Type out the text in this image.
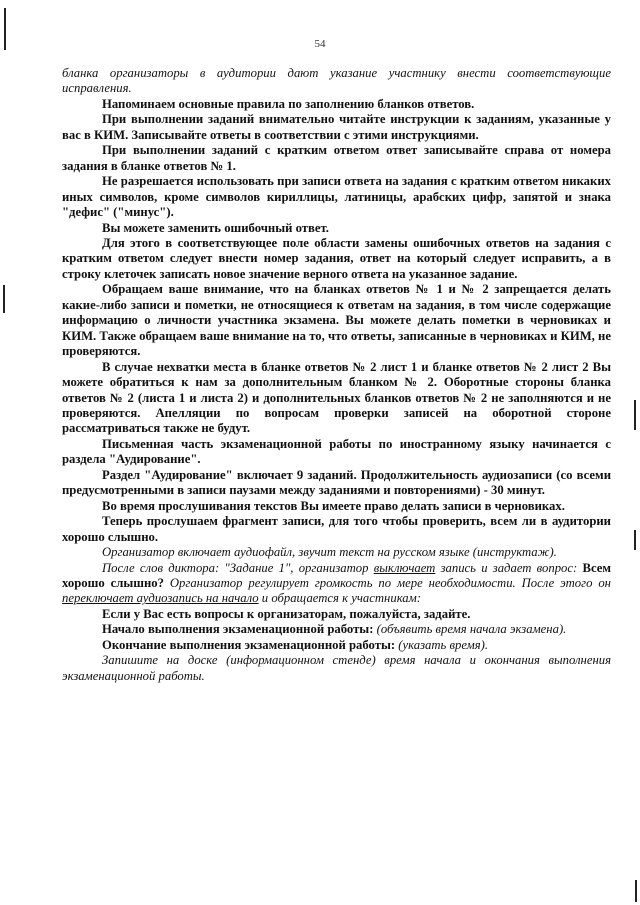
54

бланка организаторы в аудитории дают указание участнику внести соответствующие исправления.

Напоминаем основные правила по заполнению бланков ответов.

При выполнении заданий внимательно читайте инструкции к заданиям, указанные у вас в КИМ. Записывайте ответы в соответствии с этими инструкциями.

При выполнении заданий с кратким ответом ответ записывайте справа от номера задания в бланке ответов № 1.

Не разрешается использовать при записи ответа на задания с кратким ответом никаких иных символов, кроме символов кириллицы, латиницы, арабских цифр, запятой и знака "дефис" ("минус").

Вы можете заменить ошибочный ответ.

Для этого в соответствующее поле области замены ошибочных ответов на задания с кратким ответом следует внести номер задания, ответ на который следует исправить, а в строку клеточек записать новое значение верного ответа на указанное задание.

Обращаем ваше внимание, что на бланках ответов № 1 и № 2 запрещается делать какие-либо записи и пометки, не относящиеся к ответам на задания, в том числе содержащие информацию о личности участника экзамена. Вы можете делать пометки в черновиках и КИМ. Также обращаем ваше внимание на то, что ответы, записанные в черновиках и КИМ, не проверяются.

В случае нехватки места в бланке ответов № 2 лист 1 и бланке ответов № 2 лист 2 Вы можете обратиться к нам за дополнительным бланком № 2. Оборотные стороны бланка ответов № 2 (листа 1 и листа 2) и дополнительных бланков ответов № 2 не заполняются и не проверяются. Апелляции по вопросам проверки записей на оборотной стороне рассматриваться также не будут.

Письменная часть экзаменационной работы по иностранному языку начинается с раздела "Аудирование".

Раздел "Аудирование" включает 9 заданий. Продолжительность аудиозаписи (со всеми предусмотренными в записи паузами между заданиями и повторениями) - 30 минут.

Во время прослушивания текстов Вы имеете право делать записи в черновиках.

Теперь прослушаем фрагмент записи, для того чтобы проверить, всем ли в аудитории хорошо слышно.

Организатор включает аудиофайл, звучит текст на русском языке (инструктаж).

После слов диктора: "Задание 1", организатор выключает запись и задает вопрос: Всем хорошо слышно? Организатор регулирует громкость по мере необходимости. После этого он переключает аудиозапись на начало и обращается к участникам:

Если у Вас есть вопросы к организаторам, пожалуйста, задайте.

Начало выполнения экзаменационной работы: (объявить время начала экзамена).

Окончание выполнения экзаменационной работы: (указать время).

Запишите на доске (информационном стенде) время начала и окончания выполнения экзаменационной работы.
